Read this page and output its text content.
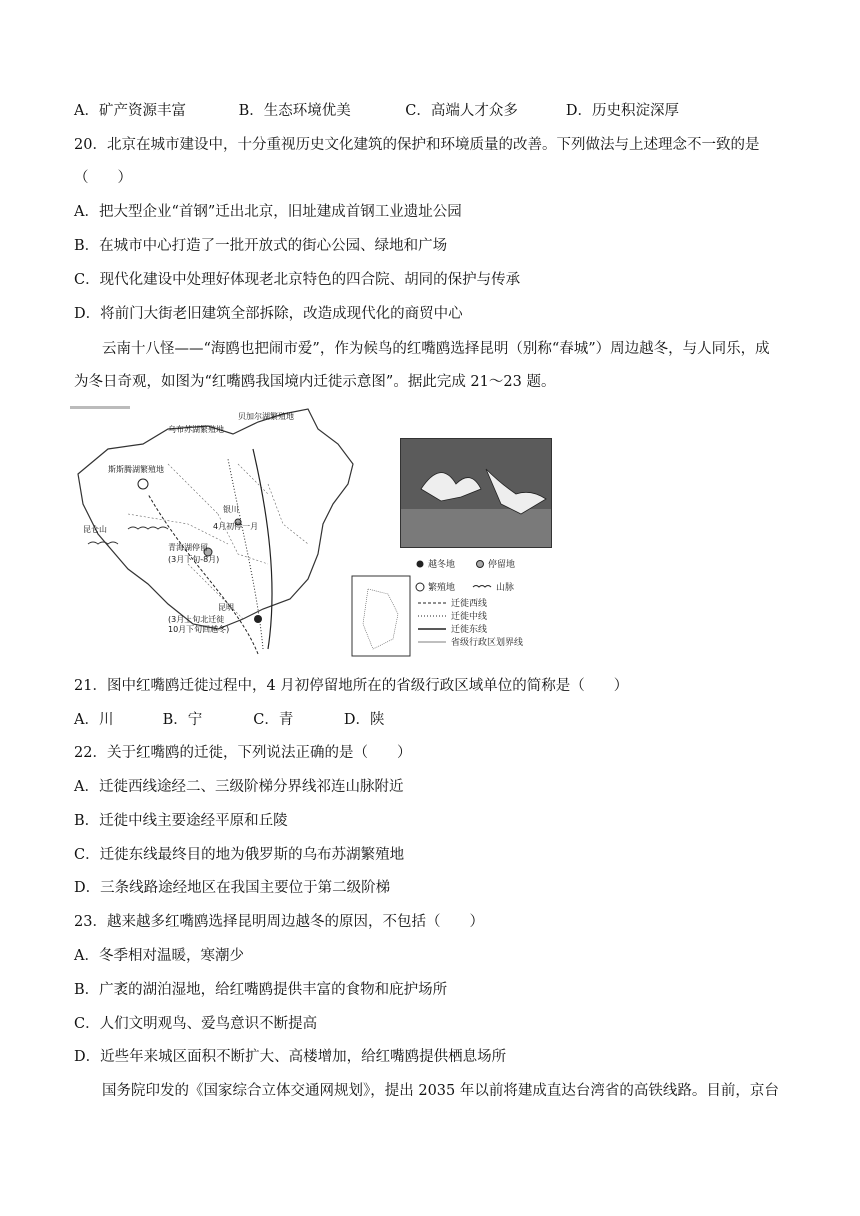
A．矿产资源丰富	B．生态环境优美	C．高端人才众多	D．历史积淀深厚
20．北京在城市建设中，十分重视历史文化建筑的保护和环境质量的改善。下列做法与上述理念不一致的是
（　　）
A．把大型企业“首钢”迁出北京，旧址建成首钢工业遗址公园
B．在城市中心打造了一批开放式的街心公园、绿地和广场
C．现代化建设中处理好体现老北京特色的四合院、胡同的保护与传承
D．将前门大街老旧建筑全部拆除，改造成现代化的商贸中心
云南十八怪——“海鸥也把闹市爱”，作为候鸟的红嘴鸥选择昆明（别称“春城”）周边越冬，与人同乐，成
为冬日奇观，如图为“红嘴鸥我国境内迁徙示意图”。据此完成 21～23 题。
乌布苏湖繁殖地
贝加尔湖繁殖地
斯斯腾湖繁殖地
昆仑山
银川
4月初停一月
青海湖停留
(3月下旬-8月)
昆明
(3月上旬北迁徙
10月下旬回越冬)
越冬地	停留地
繁殖地	山脉
迁徙西线
迁徙中线
迁徙东线
省级行政区划界线
21．图中红嘴鸥迁徙过程中，4 月初停留地所在的省级行政区域单位的简称是（　　）
A．川	B．宁	C．青	D．陕
22．关于红嘴鸥的迁徙，下列说法正确的是（　　）
A．迁徙西线途经二、三级阶梯分界线祁连山脉附近
B．迁徙中线主要途经平原和丘陵
C．迁徙东线最终目的地为俄罗斯的乌布苏湖繁殖地
D．三条线路途经地区在我国主要位于第二级阶梯
23．越来越多红嘴鸥选择昆明周边越冬的原因，不包括（　　）
A．冬季相对温暖，寒潮少
B．广袤的湖泊湿地，给红嘴鸥提供丰富的食物和庇护场所
C．人们文明观鸟、爱鸟意识不断提高
D．近些年来城区面积不断扩大、高楼增加，给红嘴鸥提供栖息场所
国务院印发的《国家综合立体交通网规划》，提出 2035 年以前将建成直达台湾省的高铁线路。目前，京台
